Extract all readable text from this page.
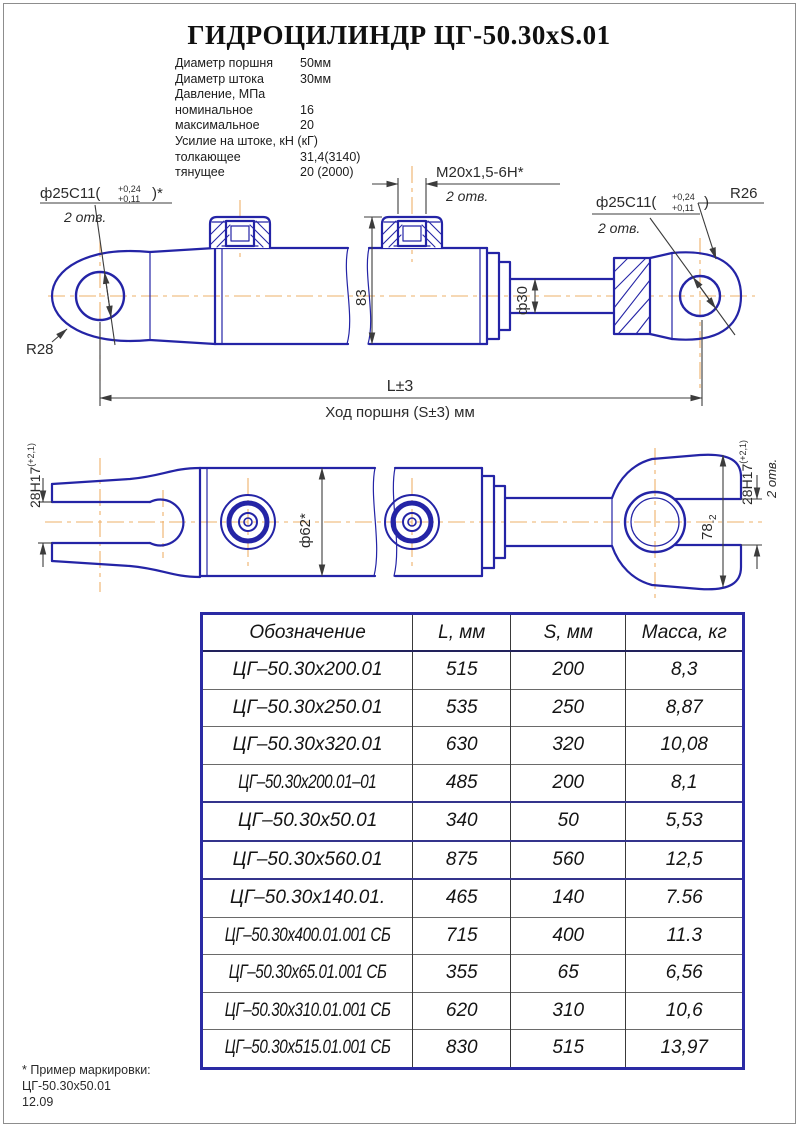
ГИДРОЦИЛИНДР ЦГ-50.30xS.01
Диаметр поршня 50мм
Диаметр штока	30мм
Давление, МПа
номинальное	16
максимальное	20
Усилие на штоке, кН (кГ)
толкающее	31,4(3140)
тянущее	20 (2000)
ф25C11( +0,24
+0,11 )*
2 отв.
R28
М20х1,5-6Н*
2 отв.	ф25C11( +0,24
+0,11 )
2 отв.
R26
83	ф30
L±3
Ход поршня (S±3) мм
$28H17^{(+2,1)}$
ф62*	$78_{-2}$
$28H17^{(+2,1)}$
2 отв.
Обозначение	L, мм	S, мм	Масса, кг
ЦГ–50.30х200.01	515	200	8,3
ЦГ–50.30х250.01	535	250	8,87
ЦГ–50.30х320.01	630	320	10,08
ЦГ–50.30х200.01–01	485	200	8,1
ЦГ–50.30х50.01	340	50	5,53
ЦГ–50.30х560.01	875	560	12,5
ЦГ–50.30х140.01.	465	140	7.56
ЦГ–50.30х400.01.001 СБ	715	400	11.3
ЦГ–50.30х65.01.001 СБ	355	65	6,56
ЦГ–50.30х310.01.001 СБ	620	310	10,6
ЦГ–50.30х515.01.001 СБ	830	515	13,97
* Пример маркировки:
ЦГ-50.30х50.01
12.09
